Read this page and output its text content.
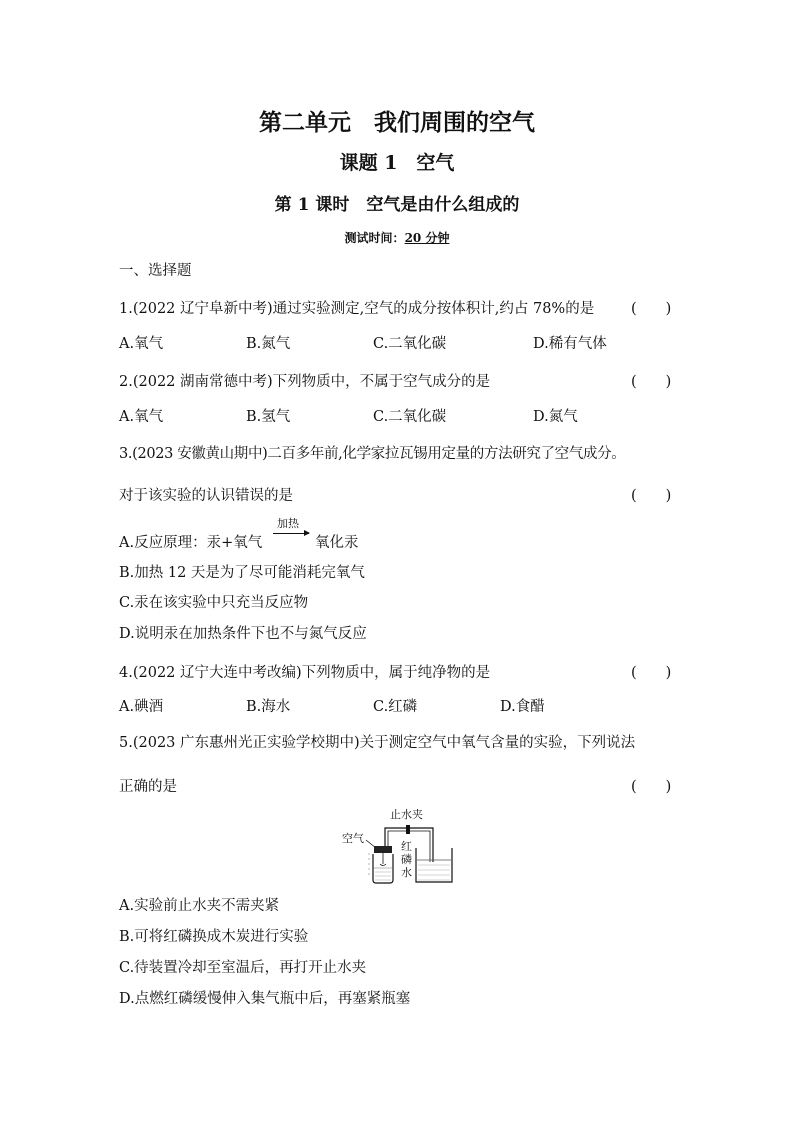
第二单元　我们周围的空气
课题 1　空气
第 1 课时　空气是由什么组成的
测试时间：20 分钟
一、选择题
1.(2022 辽宁阜新中考)通过实验测定,空气的成分按体积计,约占 78%的是	(　　)
A.氧气	B.氮气	C.二氧化碳	D.稀有气体
2.(2022 湖南常德中考)下列物质中，不属于空气成分的是	(　　)
A.氧气	B.氢气	C.二氧化碳	D.氮气
3.(2023 安徽黄山期中)二百多年前,化学家拉瓦锡用定量的方法研究了空气成分。
对于该实验的认识错误的是	(　　)
A.反应原理：汞+氧气
加热
氧化汞
B.加热 12 天是为了尽可能消耗完氧气
C.汞在该实验中只充当反应物
D.说明汞在加热条件下也不与氮气反应
4.(2022 辽宁大连中考改编)下列物质中，属于纯净物的是	(　　)
A.碘酒	B.海水	C.红磷	D.食醋
5.(2023 广东惠州光正实验学校期中)关于测定空气中氧气含量的实验，下列说法
正确的是	(　　)
空气
止水夹
红
磷
水
A.实验前止水夹不需夹紧
B.可将红磷换成木炭进行实验
C.待装置冷却至室温后，再打开止水夹
D.点燃红磷缓慢伸入集气瓶中后，再塞紧瓶塞
